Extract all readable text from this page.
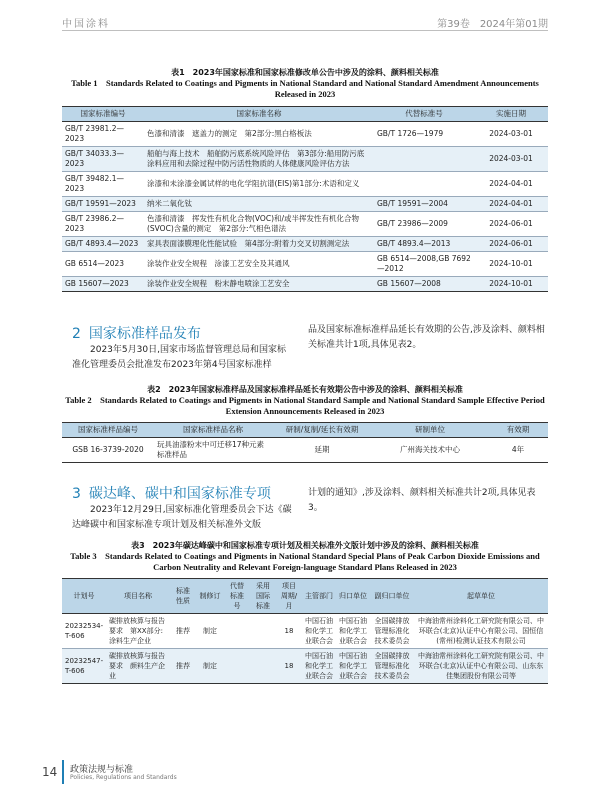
中国涂料	第39卷　2024年第01期
表1　2023年国家标准和国家标准修改单公告中涉及的涂料、颜料相关标准
Table 1　Standards Related to Coatings and Pigments in National Standard and National Standard Amendment Announcements Released in 2023
国家标准编号	国家标准名称	代替标准号	实施日期
GB/T 23981.2—2023	色漆和清漆　遮盖力的测定　第2部分:黑白格板法	GB/T 1726—1979	2024-03-01
GB/T 34033.3—2023	船舶与海上技术　船舶防污底系统风险评估　第3部分:船用防污底涂料应用和去除过程中防污活性物质的人体健康风险评估方法		2024-03-01
GB/T 39482.1—2023	涂漆和未涂漆金属试样的电化学阻抗谱(EIS)第1部分:术语和定义		2024-04-01
GB/T 19591—2023	纳米二氧化钛	GB/T 19591—2004	2024-04-01
GB/T 23986.2—2023	色漆和清漆　挥发性有机化合物(VOC)和/或半挥发性有机化合物(SVOC)含量的测定　第2部分:气相色谱法	GB/T 23986—2009	2024-06-01
GB/T 4893.4—2023	家具表面漆膜理化性能试验　第4部分:附着力交叉切割测定法	GB/T 4893.4—2013	2024-06-01
GB 6514—2023	涂装作业安全规程　涂漆工艺安全及其通风	GB 6514—2008,GB 7692—2012	2024-10-01
GB 15607—2023	涂装作业安全规程　粉末静电喷涂工艺安全	GB 15607—2008	2024-10-01
2 国家标准样品发布
2023年5月30日,国家市场监督管理总局和国家标准化管理委员会批准发布2023年第4号国家标准样
品及国家标准标准样品延长有效期的公告,涉及涂料、颜料相关标准共计1项,具体见表2。
表2　2023年国家标准样品及国家标准样品延长有效期公告中涉及的涂料、颜料相关标准
Table 2　Standards Related to Coatings and Pigments in National Standard Sample and National Standard Sample Effective Period Extension Announcements Released in 2023
国家标准样品编号	国家标准样品名称	研制/复制/延长有效期	研制单位	有效期
GSB 16-3739-2020	玩具油漆粉末中可迁移17种元素标准样品	延期	广州海关技术中心	4年
3 碳达峰、碳中和国家标准专项
2023年12月29日,国家标准化管理委员会下达《碳达峰碳中和国家标准专项计划及相关标准外文版
计划的通知》,涉及涂料、颜料相关标准共计2项,具体见表3。
表3　2023年碳达峰碳中和国家标准专项计划及相关标准外文版计划中涉及的涂料、颜料相关标准
Table 3　Standards Related to Coatings and Pigments in National Standard Special Plans of Peak Carbon Dioxide Emissions and Carbon Neutrality and Relevant Foreign-language Standard Plans Released in 2023
计划号	项目名称	标准性质	制修订	代替标准号	采用国际标准	项目周期/月	主管部门	归口单位	副归口单位	起草单位
20232534-T-606	碳排放核算与报告要求　第XX部分:涂料生产企业	推荐	制定			18	中国石油和化学工业联合会	中国石油和化学工业联合会	全国碳排放管理标准化技术委员会	中海油常州涂料化工研究院有限公司、中环联合(北京)认证中心有限公司、国恒信(常州)检测认证技术有限公司
20232547-T-606	碳排放核算与报告要求　颜料生产企业	推荐	制定			18	中国石油和化学工业联合会	中国石油和化学工业联合会	全国碳排放管理标准化技术委员会	中海油常州涂料化工研究院有限公司、中环联合(北京)认证中心有限公司、山东东佳集团股份有限公司等
14 政策法规与标准
Policies, Regulations and Standards
